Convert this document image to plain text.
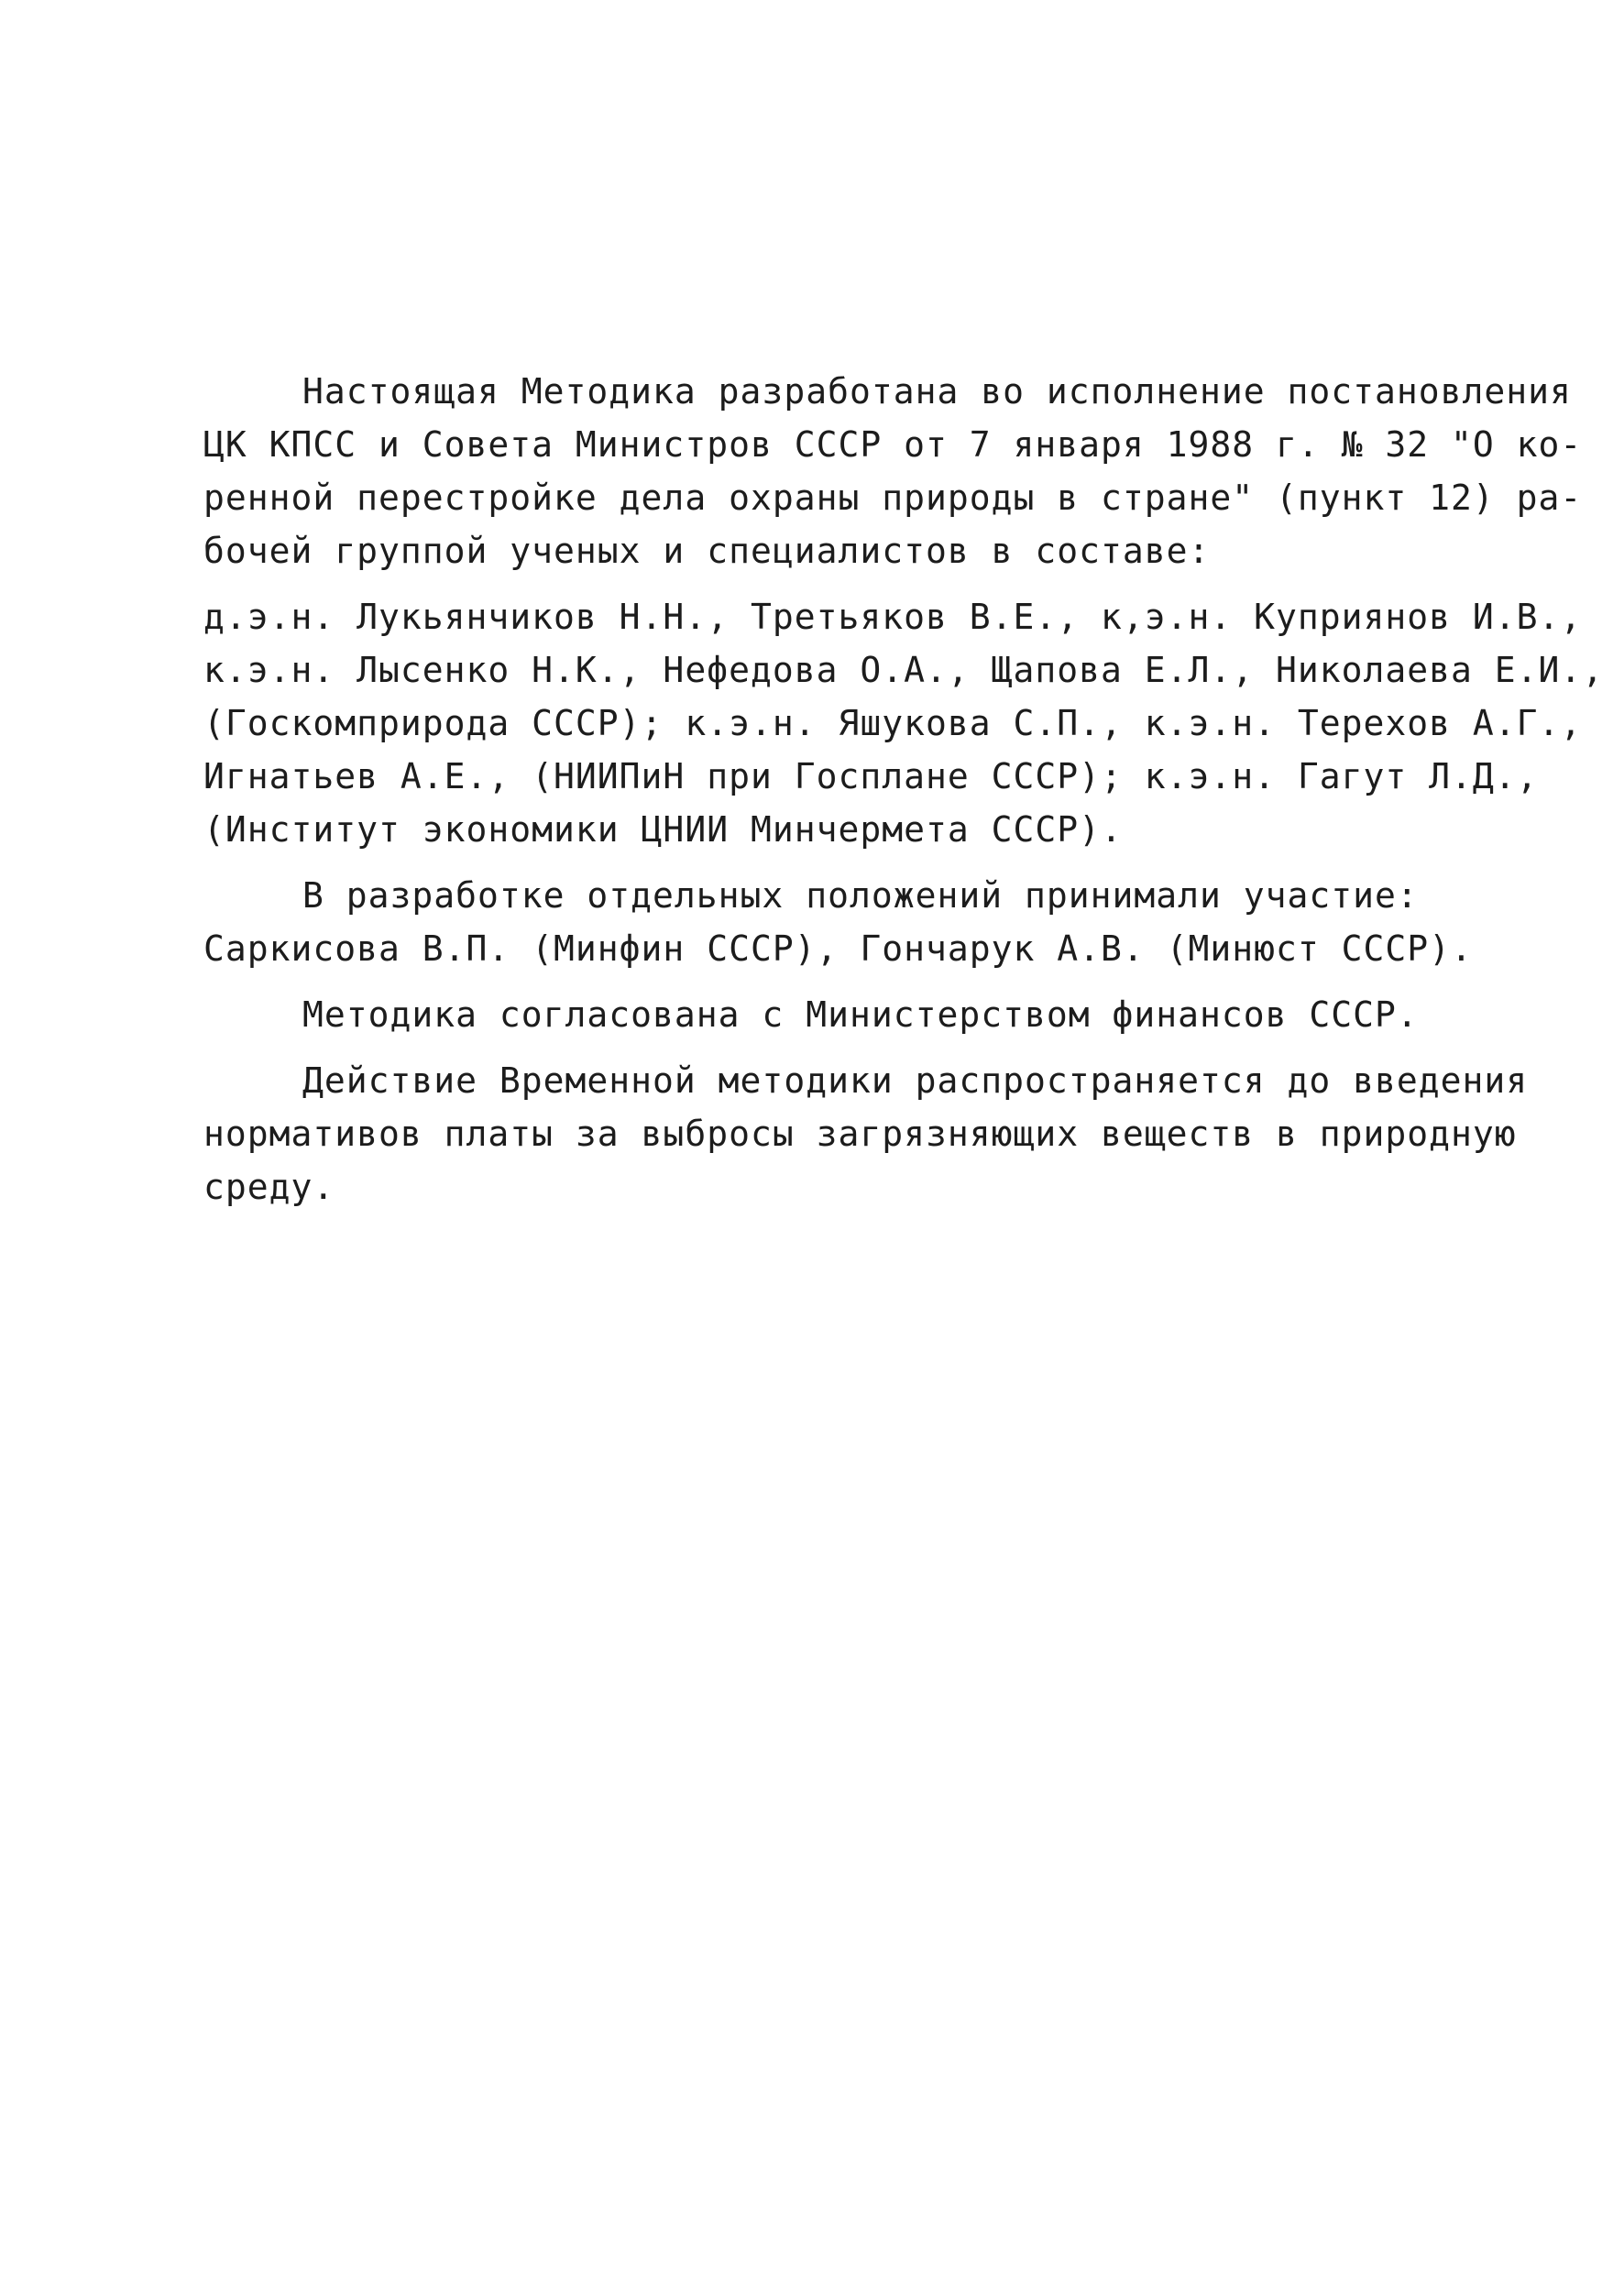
Настоящая Методика разработана во исполнение постановления
ЦК КПСС и Совета Министров СССР от 7 января 1988 г. № 32 "О ко-
ренной перестройке дела охраны природы в стране" (пункт 12) ра-
бочей группой ученых и специалистов в составе:

д.э.н. Лукьянчиков Н.Н., Третьяков В.Е., к,э.н. Куприянов И.В.,
к.э.н. Лысенко Н.К., Нефедова О.А., Щапова Е.Л., Николаева Е.И.,
(Госкомприрода СССР); к.э.н. Яшукова С.П., к.э.н. Терехов А.Г.,
Игнатьев А.Е., (НИИПиН при Госплане СССР); к.э.н. Гагут Л.Д.,
(Институт экономики ЦНИИ Минчермета СССР).

В разработке отдельных положений принимали участие:
Саркисова В.П. (Минфин СССР), Гончарук А.В. (Минюст СССР).

Методика согласована с Министерством финансов СССР.

Действие Временной методики распространяется до введения
нормативов платы за выбросы загрязняющих веществ в природную
среду.
